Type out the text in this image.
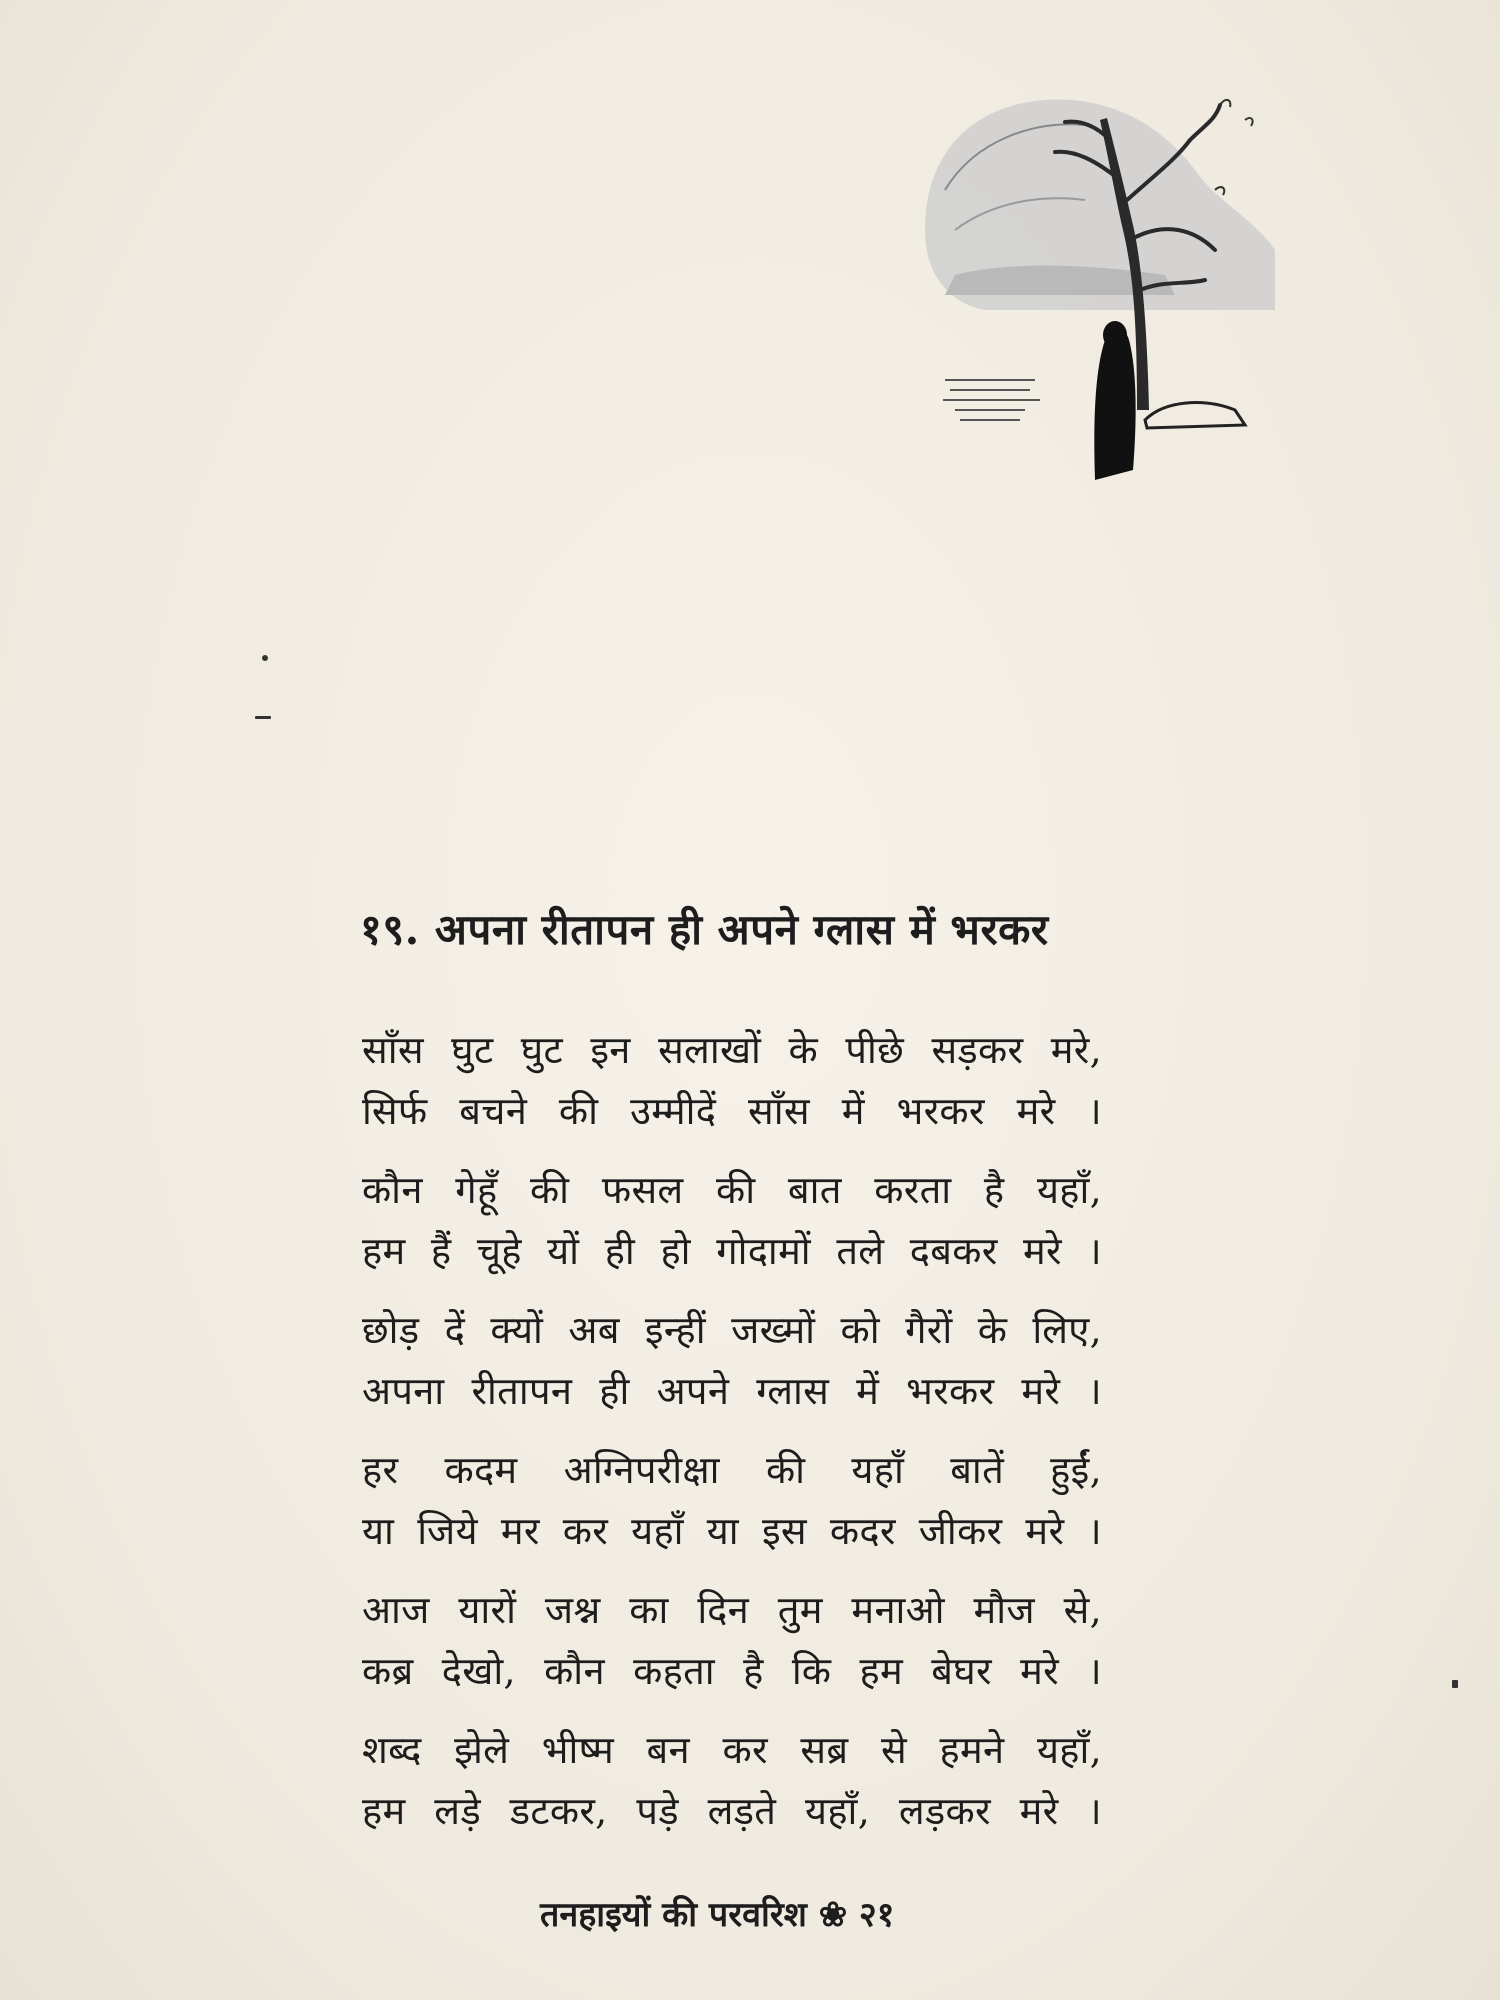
१९. अपना रीतापन ही अपने ग्लास में भरकर
साँस घुट घुट इन सलाखों के पीछे सड़कर मरे,
सिर्फ बचने की उम्मीदें साँस में भरकर मरे ।
कौन गेहूँ की फसल की बात करता है यहाँ,
हम हैं चूहे यों ही हो गोदामों तले दबकर मरे ।
छोड़ दें क्यों अब इन्हीं जख्मों को गैरों के लिए,
अपना रीतापन ही अपने ग्लास में भरकर मरे ।
हर कदम अग्निपरीक्षा की यहाँ बातें हुईं,
या जिये मर कर यहाँ या इस कदर जीकर मरे ।
आज यारों जश्न का दिन तुम मनाओ मौज से,
कब्र देखो, कौन कहता है कि हम बेघर मरे ।
शब्द झेले भीष्म बन कर सब्र से हमने यहाँ,
हम लड़े डटकर, पड़े लड़ते यहाँ, लड़कर मरे ।
तनहाइयों की परवरिश ❀ २१
